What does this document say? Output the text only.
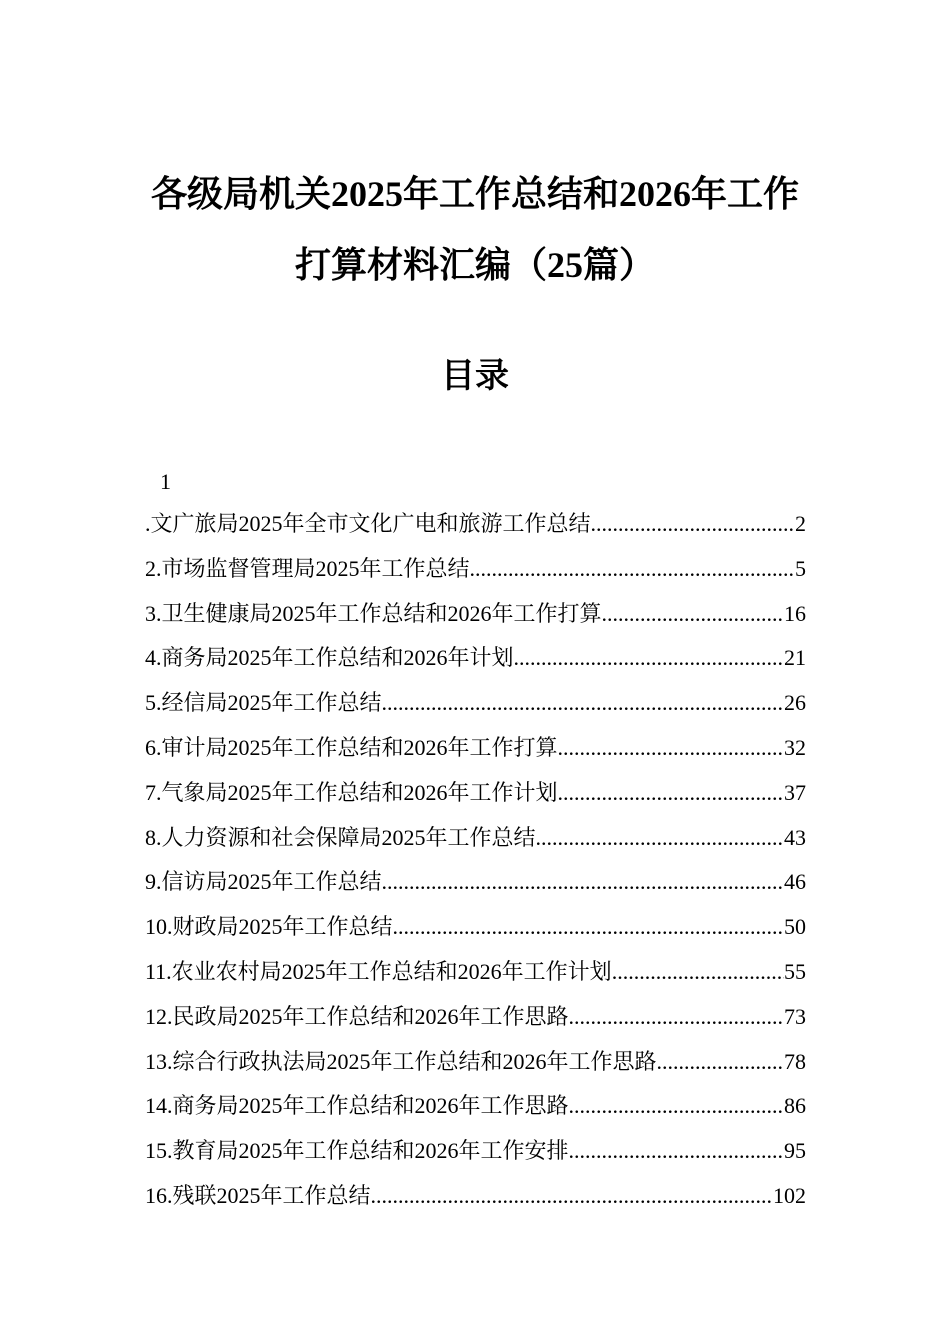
各级局机关2025年工作总结和2026年工作
打算材料汇编（25篇）
目录
1
.文广旅局2025年全市文化广电和旅游工作总结 .....	2
2.市场监督管理局2025年工作总结 .....	5
3.卫生健康局2025年工作总结和2026年工作打算 .....	16
4.商务局2025年工作总结和2026年计划 .....	21
5.经信局2025年工作总结 .....	26
6.审计局2025年工作总结和2026年工作打算 .....	32
7.气象局2025年工作总结和2026年工作计划 .....	37
8.人力资源和社会保障局2025年工作总结 .....	43
9.信访局2025年工作总结 .....	46
10.财政局2025年工作总结 .....	50
11.农业农村局2025年工作总结和2026年工作计划 .....	55
12.民政局2025年工作总结和2026年工作思路 .....	73
13.综合行政执法局2025年工作总结和2026年工作思路 .....	78
14.商务局2025年工作总结和2026年工作思路 .....	86
15.教育局2025年工作总结和2026年工作安排 .....	95
16.残联2025年工作总结 .....	102
